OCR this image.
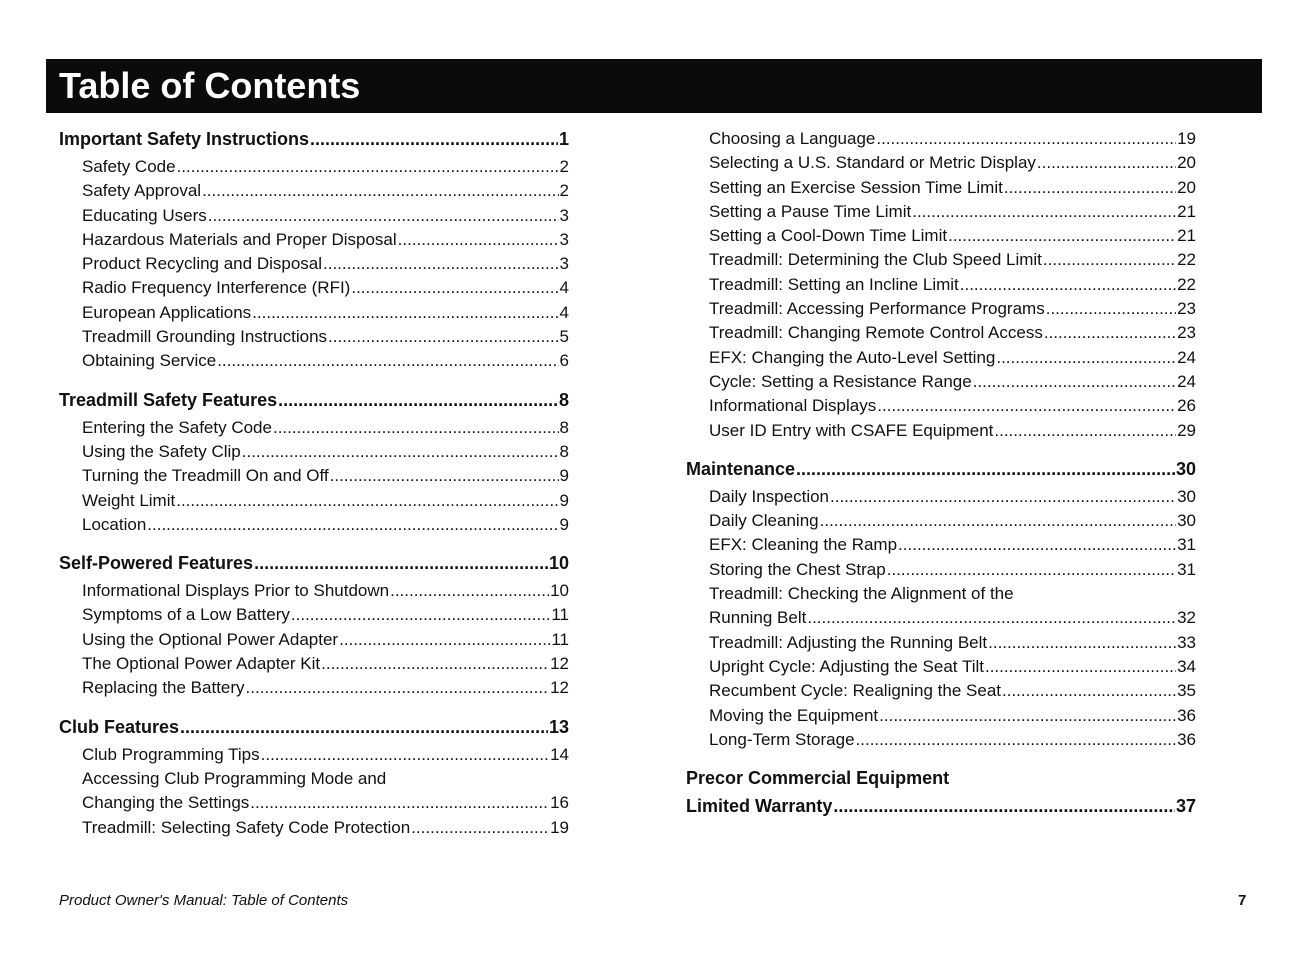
Table of Contents
Important Safety Instructions .....	1
Safety Code .....	2
Safety Approval .....	2
Educating Users .....	3
Hazardous Materials and Proper Disposal .....	3
Product Recycling and Disposal .....	3
Radio Frequency Interference (RFI) .....	4
European Applications .....	4
Treadmill Grounding Instructions .....	5
Obtaining Service .....	6
Treadmill Safety Features .....	8
Entering the Safety Code .....	8
Using the Safety Clip .....	8
Turning the Treadmill On and Off .....	9
Weight Limit .....	9
Location .....	9
Self-Powered Features .....	10
Informational Displays Prior to Shutdown .....	10
Symptoms of a Low Battery .....	11
Using the Optional Power Adapter .....	11
The Optional Power Adapter Kit .....	12
Replacing the Battery .....	12
Club Features .....	13
Club Programming Tips .....	14
Accessing Club Programming Mode and
Changing the Settings .....	16
Treadmill: Selecting Safety Code Protection .....	19
Choosing a Language .....	19
Selecting a U.S. Standard or Metric Display .....	20
Setting an Exercise Session Time Limit .....	20
Setting a Pause Time Limit .....	21
Setting a Cool-Down Time Limit .....	21
Treadmill: Determining the Club Speed Limit .....	22
Treadmill: Setting an Incline Limit .....	22
Treadmill: Accessing Performance Programs .....	23
Treadmill: Changing Remote Control Access .....	23
EFX: Changing the Auto-Level Setting .....	24
Cycle: Setting a Resistance Range .....	24
Informational Displays .....	26
User ID Entry with CSAFE Equipment .....	29
Maintenance .....	30
Daily Inspection .....	30
Daily Cleaning .....	30
EFX: Cleaning the Ramp .....	31
Storing the Chest Strap .....	31
Treadmill: Checking the Alignment of the
Running Belt .....	32
Treadmill: Adjusting the Running Belt .....	33
Upright Cycle: Adjusting the Seat Tilt .....	34
Recumbent Cycle: Realigning the Seat .....	35
Moving the Equipment .....	36
Long-Term Storage .....	36
Precor Commercial Equipment
Limited Warranty .....	37
Product Owner's Manual: Table of Contents	7
